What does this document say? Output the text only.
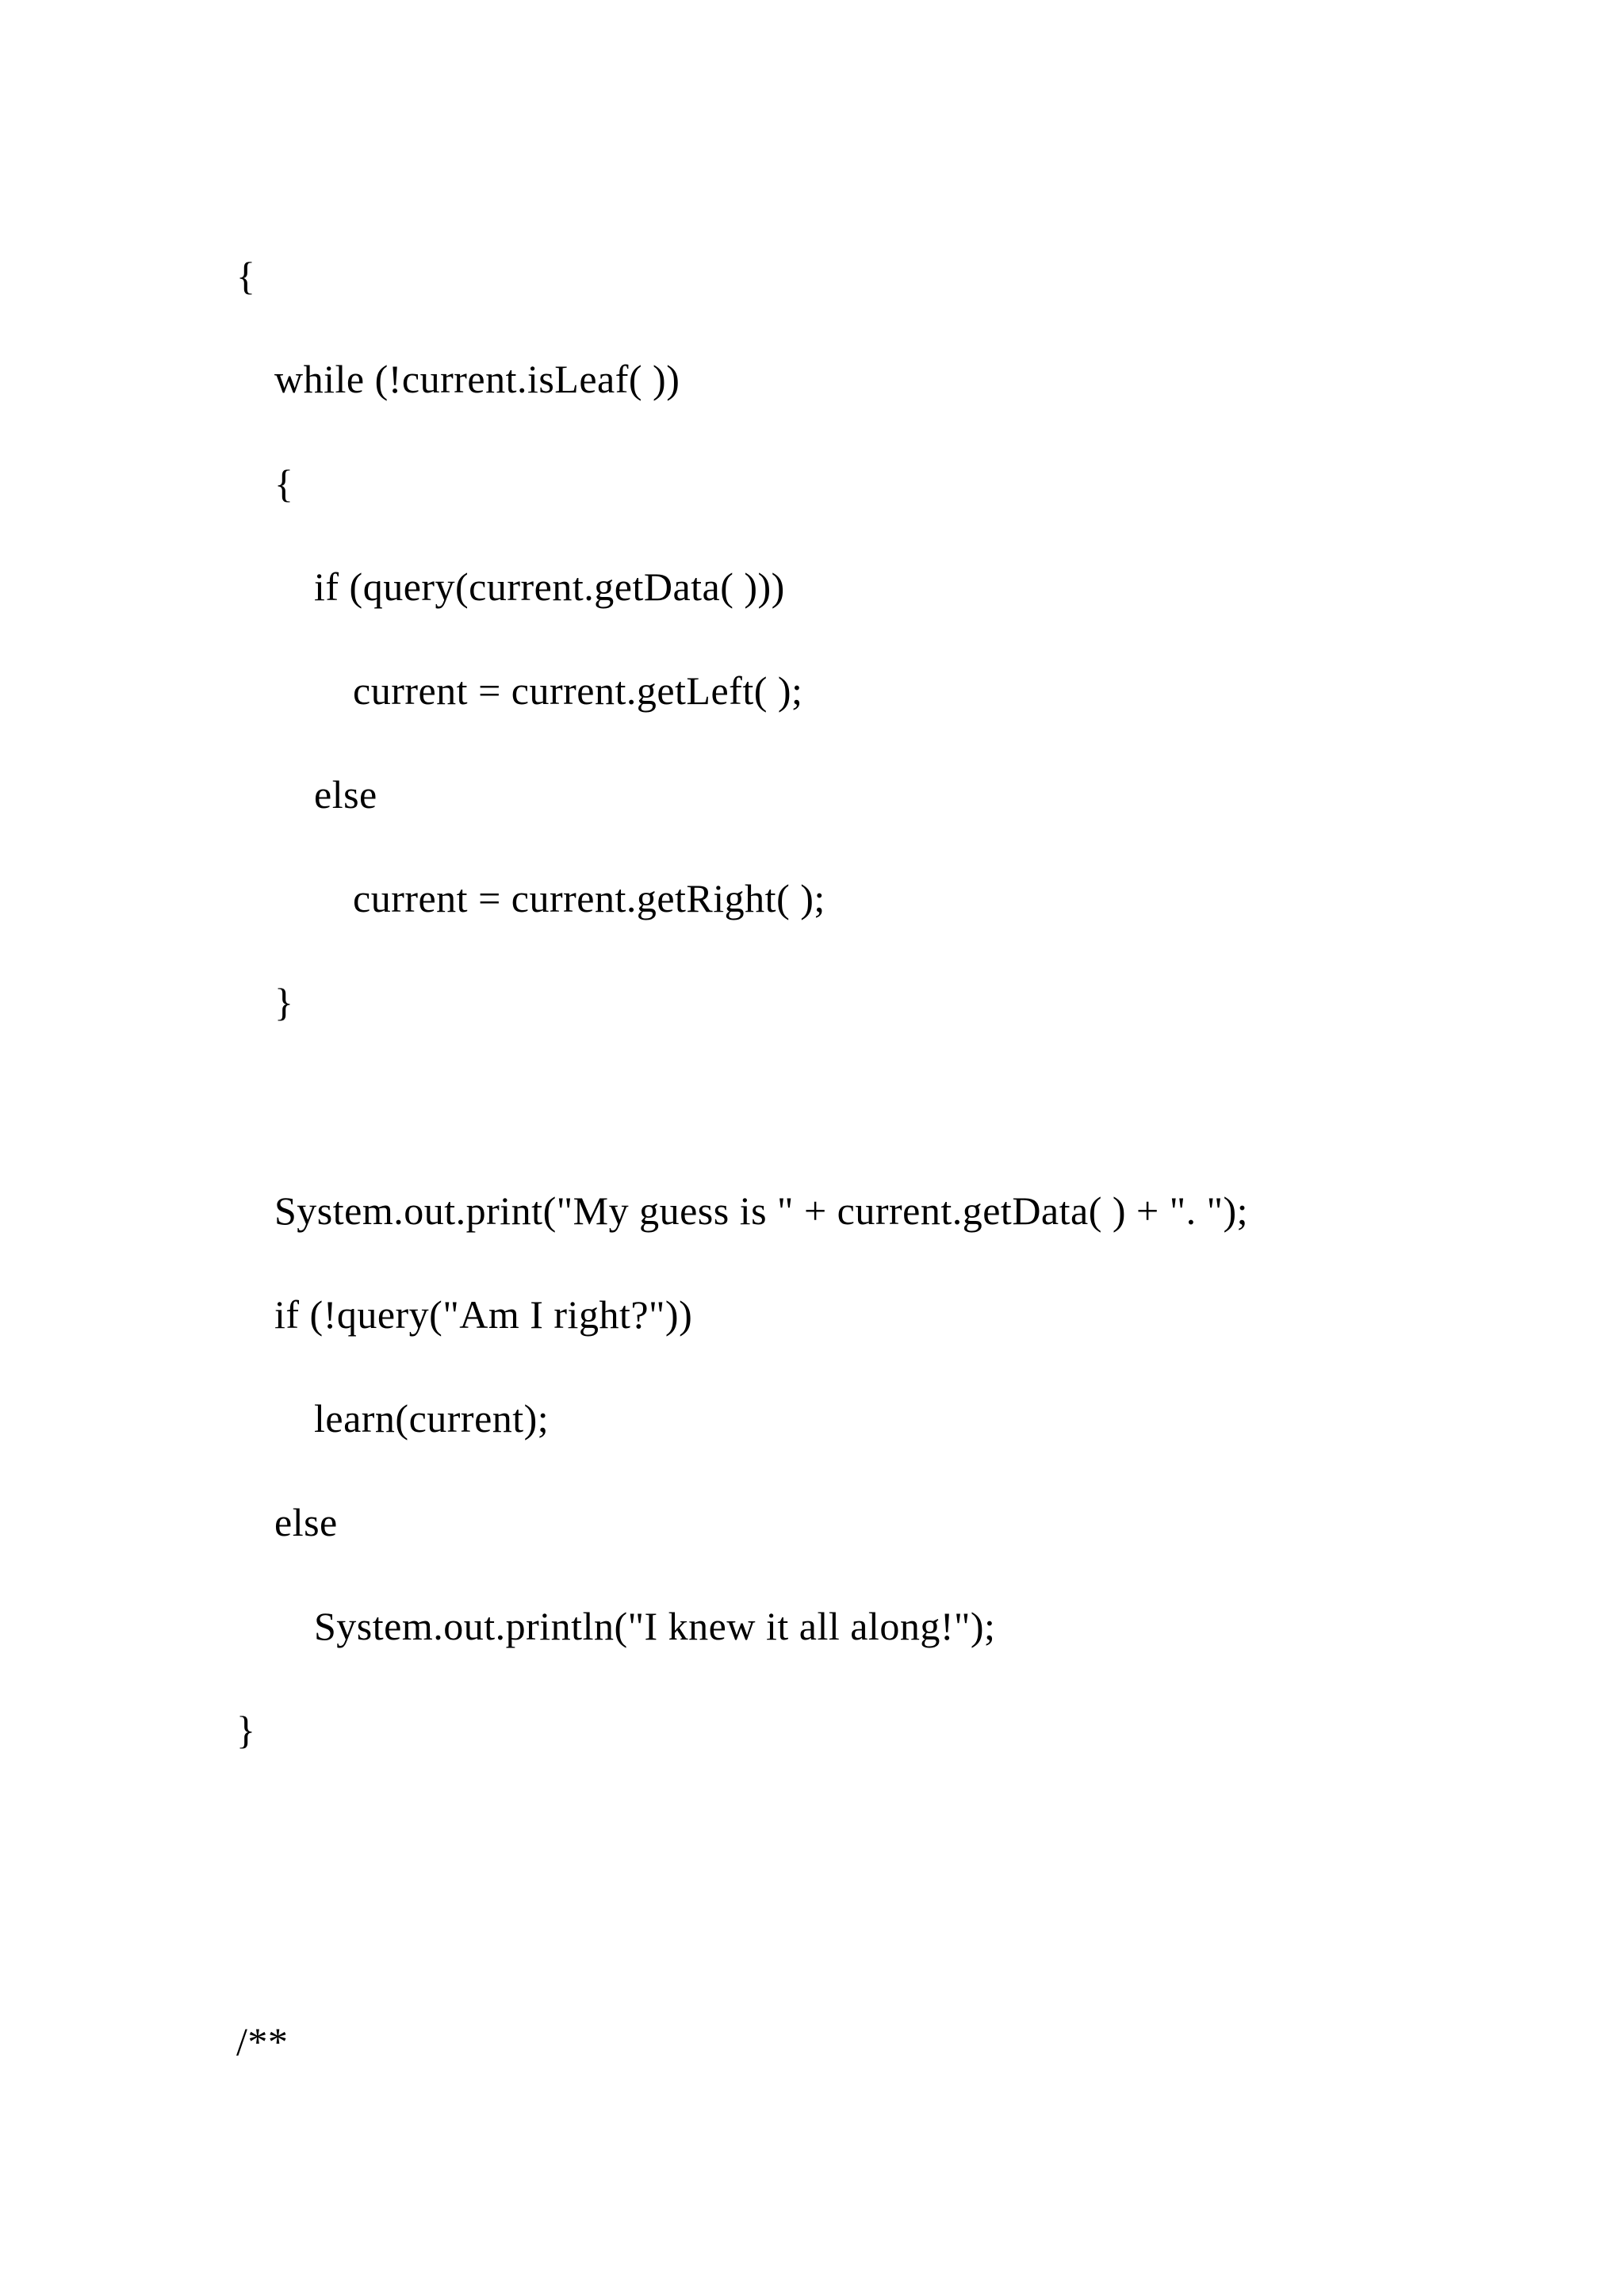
{

while (!current.isLeaf( ))

{

if (query(current.getData( )))

current = current.getLeft( );

else

current = current.getRight( );

}

System.out.print("My guess is " + current.getData( ) + ". ");

if (!query("Am I right?"))

learn(current);

else

System.out.println("I knew it all along!");

}

/**
